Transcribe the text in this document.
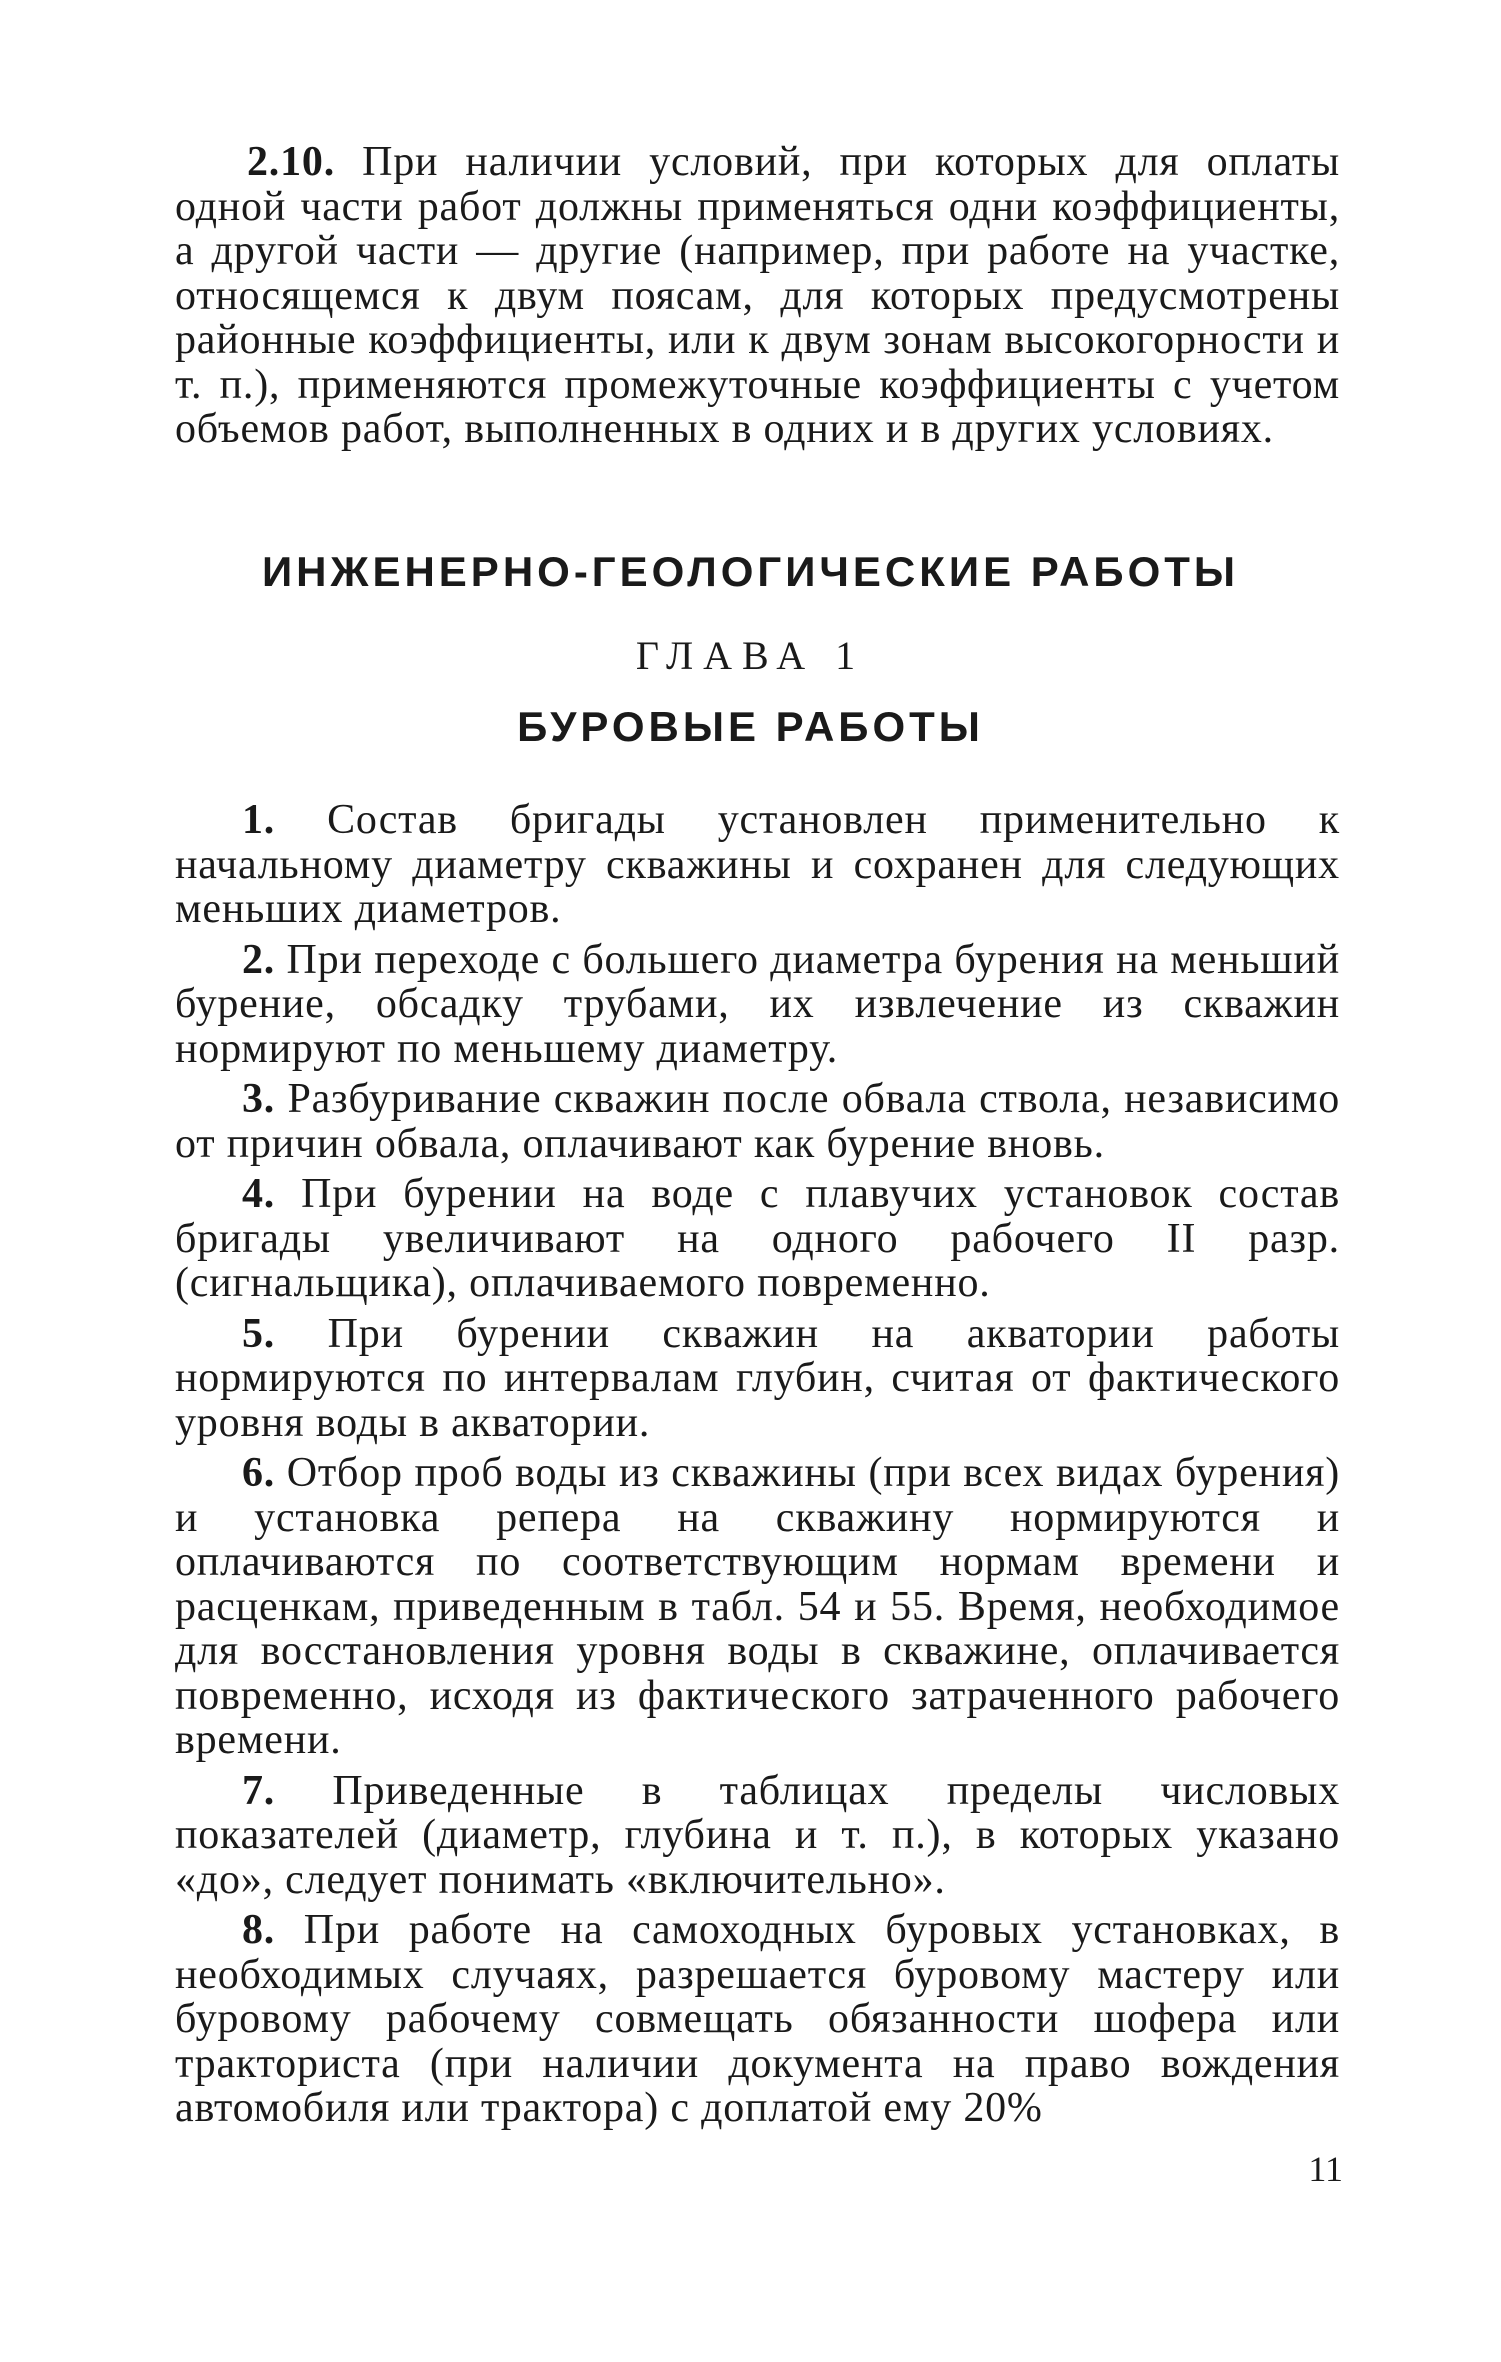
2.10. При наличии условий, при которых для оплаты одной части работ должны применяться одни коэффициенты, а другой части — другие (например, при работе на участке, относящемся к двум поясам, для которых предусмотрены районные коэффициенты, или к двум зонам высокогорности и т. п.), применяются промежуточные коэффициенты с учетом объемов работ, выполненных в одних и в других условиях.

ИНЖЕНЕРНО-ГЕОЛОГИЧЕСКИЕ РАБОТЫ
ГЛАВА 1
БУРОВЫЕ РАБОТЫ

1. Состав бригады установлен применительно к начальному диаметру скважины и сохранен для следующих меньших диаметров.

2. При переходе с большего диаметра бурения на меньший бурение, обсадку трубами, их извлечение из скважин нормируют по меньшему диаметру.

3. Разбуривание скважин после обвала ствола, независимо от причин обвала, оплачивают как бурение вновь.

4. При бурении на воде с плавучих установок состав бригады увеличивают на одного рабочего II разр. (сигнальщика), оплачиваемого повременно.

5. При бурении скважин на акватории работы нормируются по интервалам глубин, считая от фактического уровня воды в акватории.

6. Отбор проб воды из скважины (при всех видах бурения) и установка репера на скважину нормируются и оплачиваются по соответствующим нормам времени и расценкам, приведенным в табл. 54 и 55. Время, необходимое для восстановления уровня воды в скважине, оплачивается повременно, исходя из фактического затраченного рабочего времени.

7. Приведенные в таблицах пределы числовых показателей (диаметр, глубина и т. п.), в которых указано «до», следует понимать «включительно».

8. При работе на самоходных буровых установках, в необходимых случаях, разрешается буровому мастеру или буровому рабочему совмещать обязанности шофера или тракториста (при наличии документа на право вождения автомобиля или трактора) с доплатой ему 20%

11
